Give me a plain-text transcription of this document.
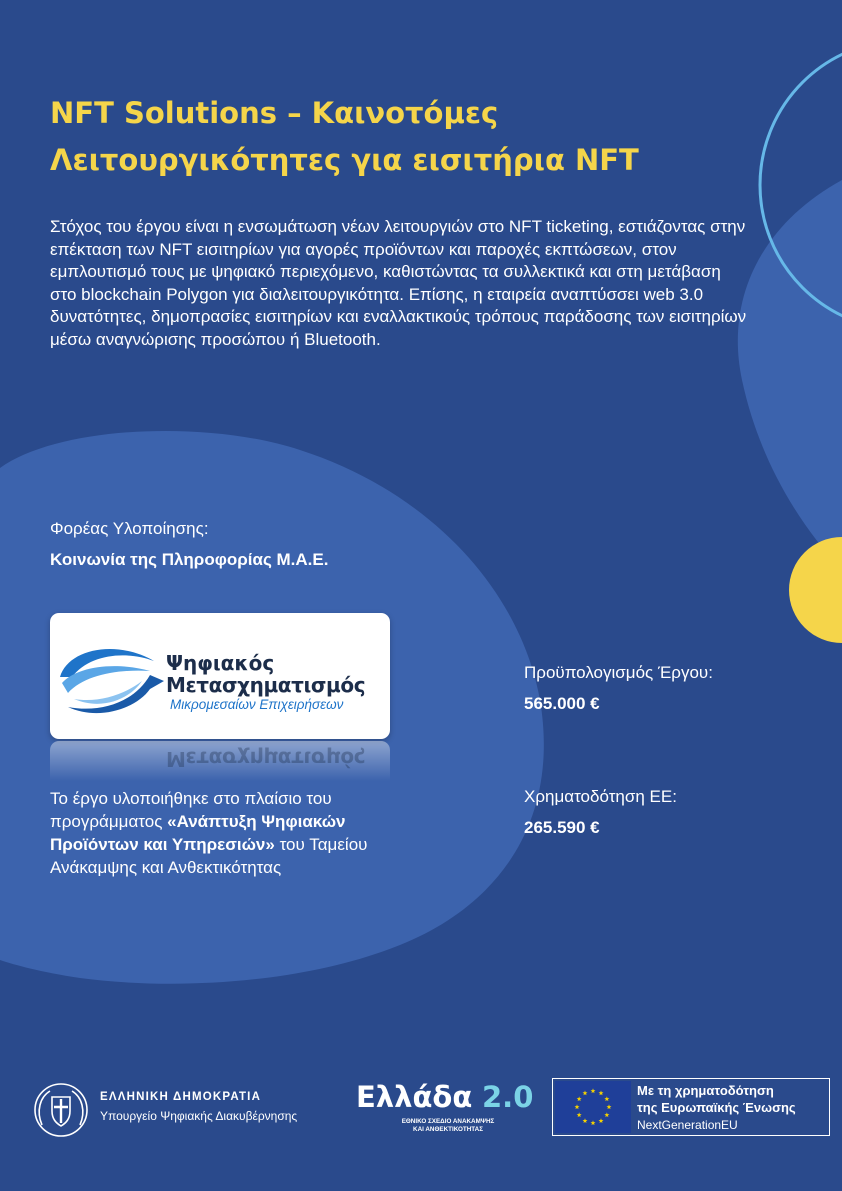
NFT Solutions – Καινοτόμες Λειτουργικότητες για εισιτήρια NFT

Στόχος του έργου είναι η ενσωμάτωση νέων λειτουργιών στο NFT ticketing, εστιάζοντας στην επέκταση των NFT εισιτηρίων για αγορές προϊόντων και παροχές εκπτώσεων, στον εμπλουτισμό τους με ψηφιακό περιεχόμενο, καθιστώντας τα συλλεκτικά και στη μετάβαση στο blockchain Polygon για διαλειτουργικότητα. Επίσης, η εταιρεία αναπτύσσει web 3.0 δυνατότητες, δημοπρασίες εισιτηρίων και εναλλακτικούς τρόπους παράδοσης των εισιτηρίων μέσω αναγνώρισης προσώπου ή Bluetooth.

Φορέας Υλοποίησης:
Κοινωνία της Πληροφορίας Μ.Α.Ε.
Ψηφιακός
Μετασχηματισμός
Μικρομεσαίων Επιχειρήσεων
Μετασχηματισμός

Το έργο υλοποιήθηκε στο πλαίσιο του προγράμματος «Ανάπτυξη Ψηφιακών Προϊόντων και Υπηρεσιών» του Ταμείου Ανάκαμψης και Ανθεκτικότητας

Προϋπολογισμός Έργου:
565.000 €
Χρηματοδότηση ΕΕ:
265.590 €
ΕΛΛΗΝΙΚΗ ΔΗΜΟΚΡΑΤΙΑ
Υπουργείο Ψηφιακής Διακυβέρνησης
Ελλάδα 2.0
ΕΘΝΙΚΟ ΣΧΕΔΙΟ ΑΝΑΚΑΜΨΗΣ
ΚΑΙ ΑΝΘΕΚΤΙΚΟΤΗΤΑΣ
Με τη χρηματοδότηση
της Ευρωπαϊκής Ένωσης
NextGenerationEU
